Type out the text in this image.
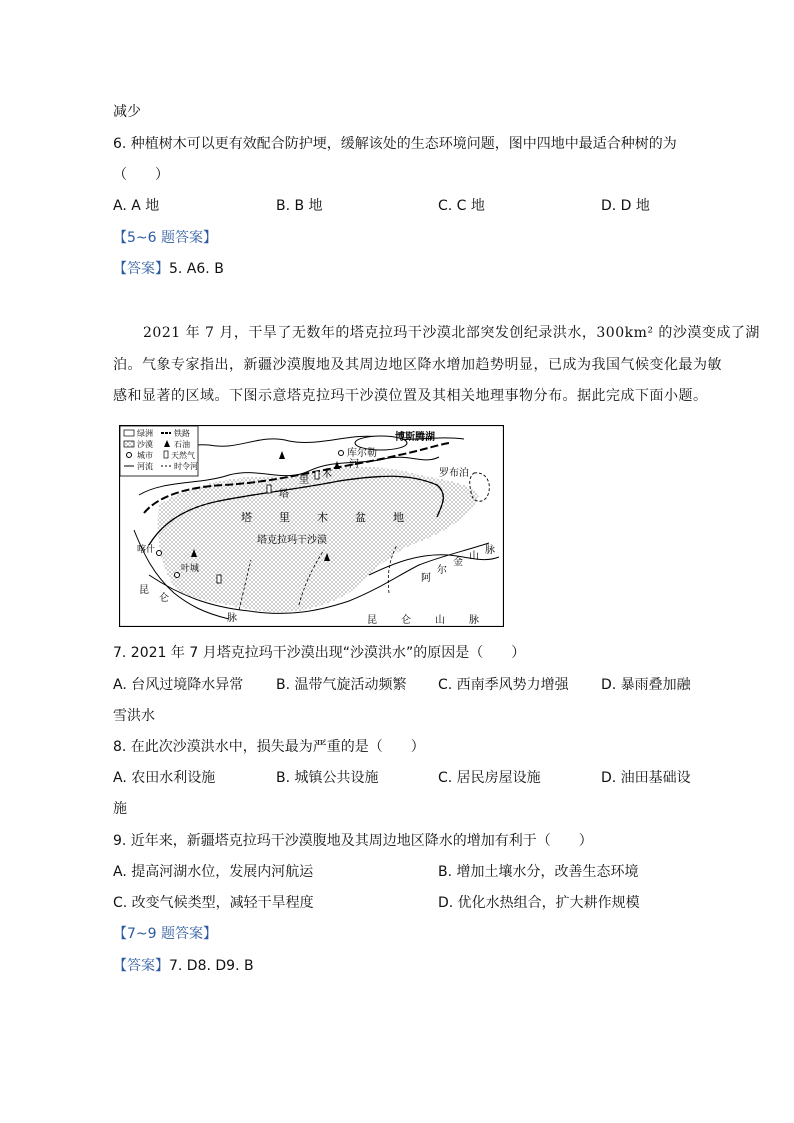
减少
6. 种植树木可以更有效配合防护埂，缓解该处的生态环境问题，图中四地中最适合种树的为
（　　）
A. A 地	B. B 地	C. C 地	D. D 地
【5~6 题答案】
【答案】5. A6. B
2021 年 7 月，干旱了无数年的塔克拉玛干沙漠北部突发创纪录洪水，300km² 的沙漠变成了湖
泊。气象专家指出，新疆沙漠腹地及其周边地区降水增加趋势明显，已成为我国气候变化最为敏
感和显著的区域。下图示意塔克拉玛干沙漠位置及其相关地理事物分布。据此完成下面小题。
绿洲	铁路
沙漠	石油
城市 天然气
河流	时令河
博斯腾湖
库尔勒
罗布泊
塔
里
木
河
塔 里 木 盆 地
塔克拉玛干沙漠
喀什
叶城
昆
仑
脉	昆 仑 山 脉
阿
尔
金
山
脉
7. 2021 年 7 月塔克拉玛干沙漠出现“沙漠洪水”的原因是（　　）
A. 台风过境降水异常 B. 温带气旋活动频繁 C. 西南季风势力增强 D. 暴雨叠加融
雪洪水
8. 在此次沙漠洪水中，损失最为严重的是（　　）
A. 农田水利设施	B. 城镇公共设施	C. 居民房屋设施	D. 油田基础设
施
9. 近年来，新疆塔克拉玛干沙漠腹地及其周边地区降水的增加有利于（　　）
A. 提高河湖水位，发展内河航运	B. 增加土壤水分，改善生态环境
C. 改变气候类型，减轻干旱程度	D. 优化水热组合，扩大耕作规模
【7~9 题答案】
【答案】7. D8. D9. B
